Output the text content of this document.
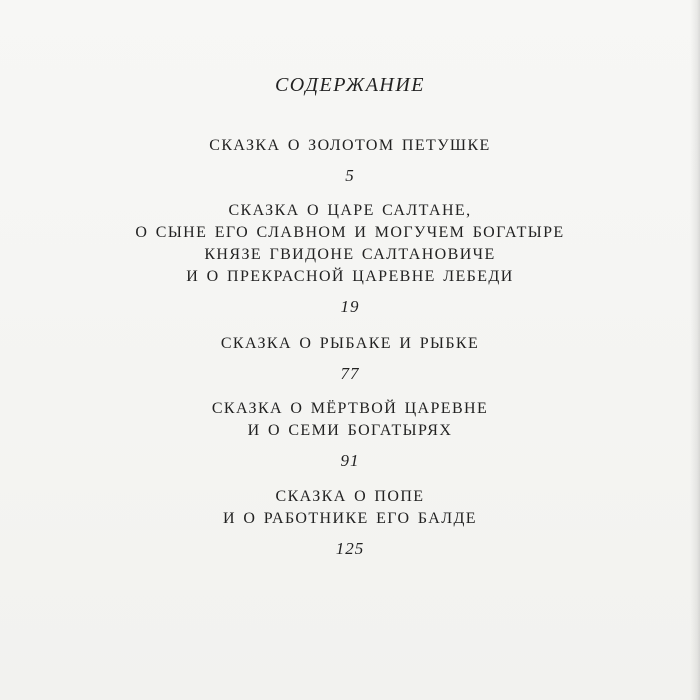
СОДЕРЖАНИЕ
СКАЗКА О ЗОЛОТОМ ПЕТУШКЕ
5
СКАЗКА О ЦАРЕ САЛТАНЕ,
О СЫНЕ ЕГО СЛАВНОМ И МОГУЧЕМ БОГАТЫРЕ
КНЯЗЕ ГВИДОНЕ САЛТАНОВИЧЕ
И О ПРЕКРАСНОЙ ЦАРЕВНЕ ЛЕБЕДИ
19
СКАЗКА О РЫБАКЕ И РЫБКЕ
77
СКАЗКА О МЁРТВОЙ ЦАРЕВНЕ
И О СЕМИ БОГАТЫРЯХ
91
СКАЗКА О ПОПЕ
И О РАБОТНИКЕ ЕГО БАЛДЕ
125
